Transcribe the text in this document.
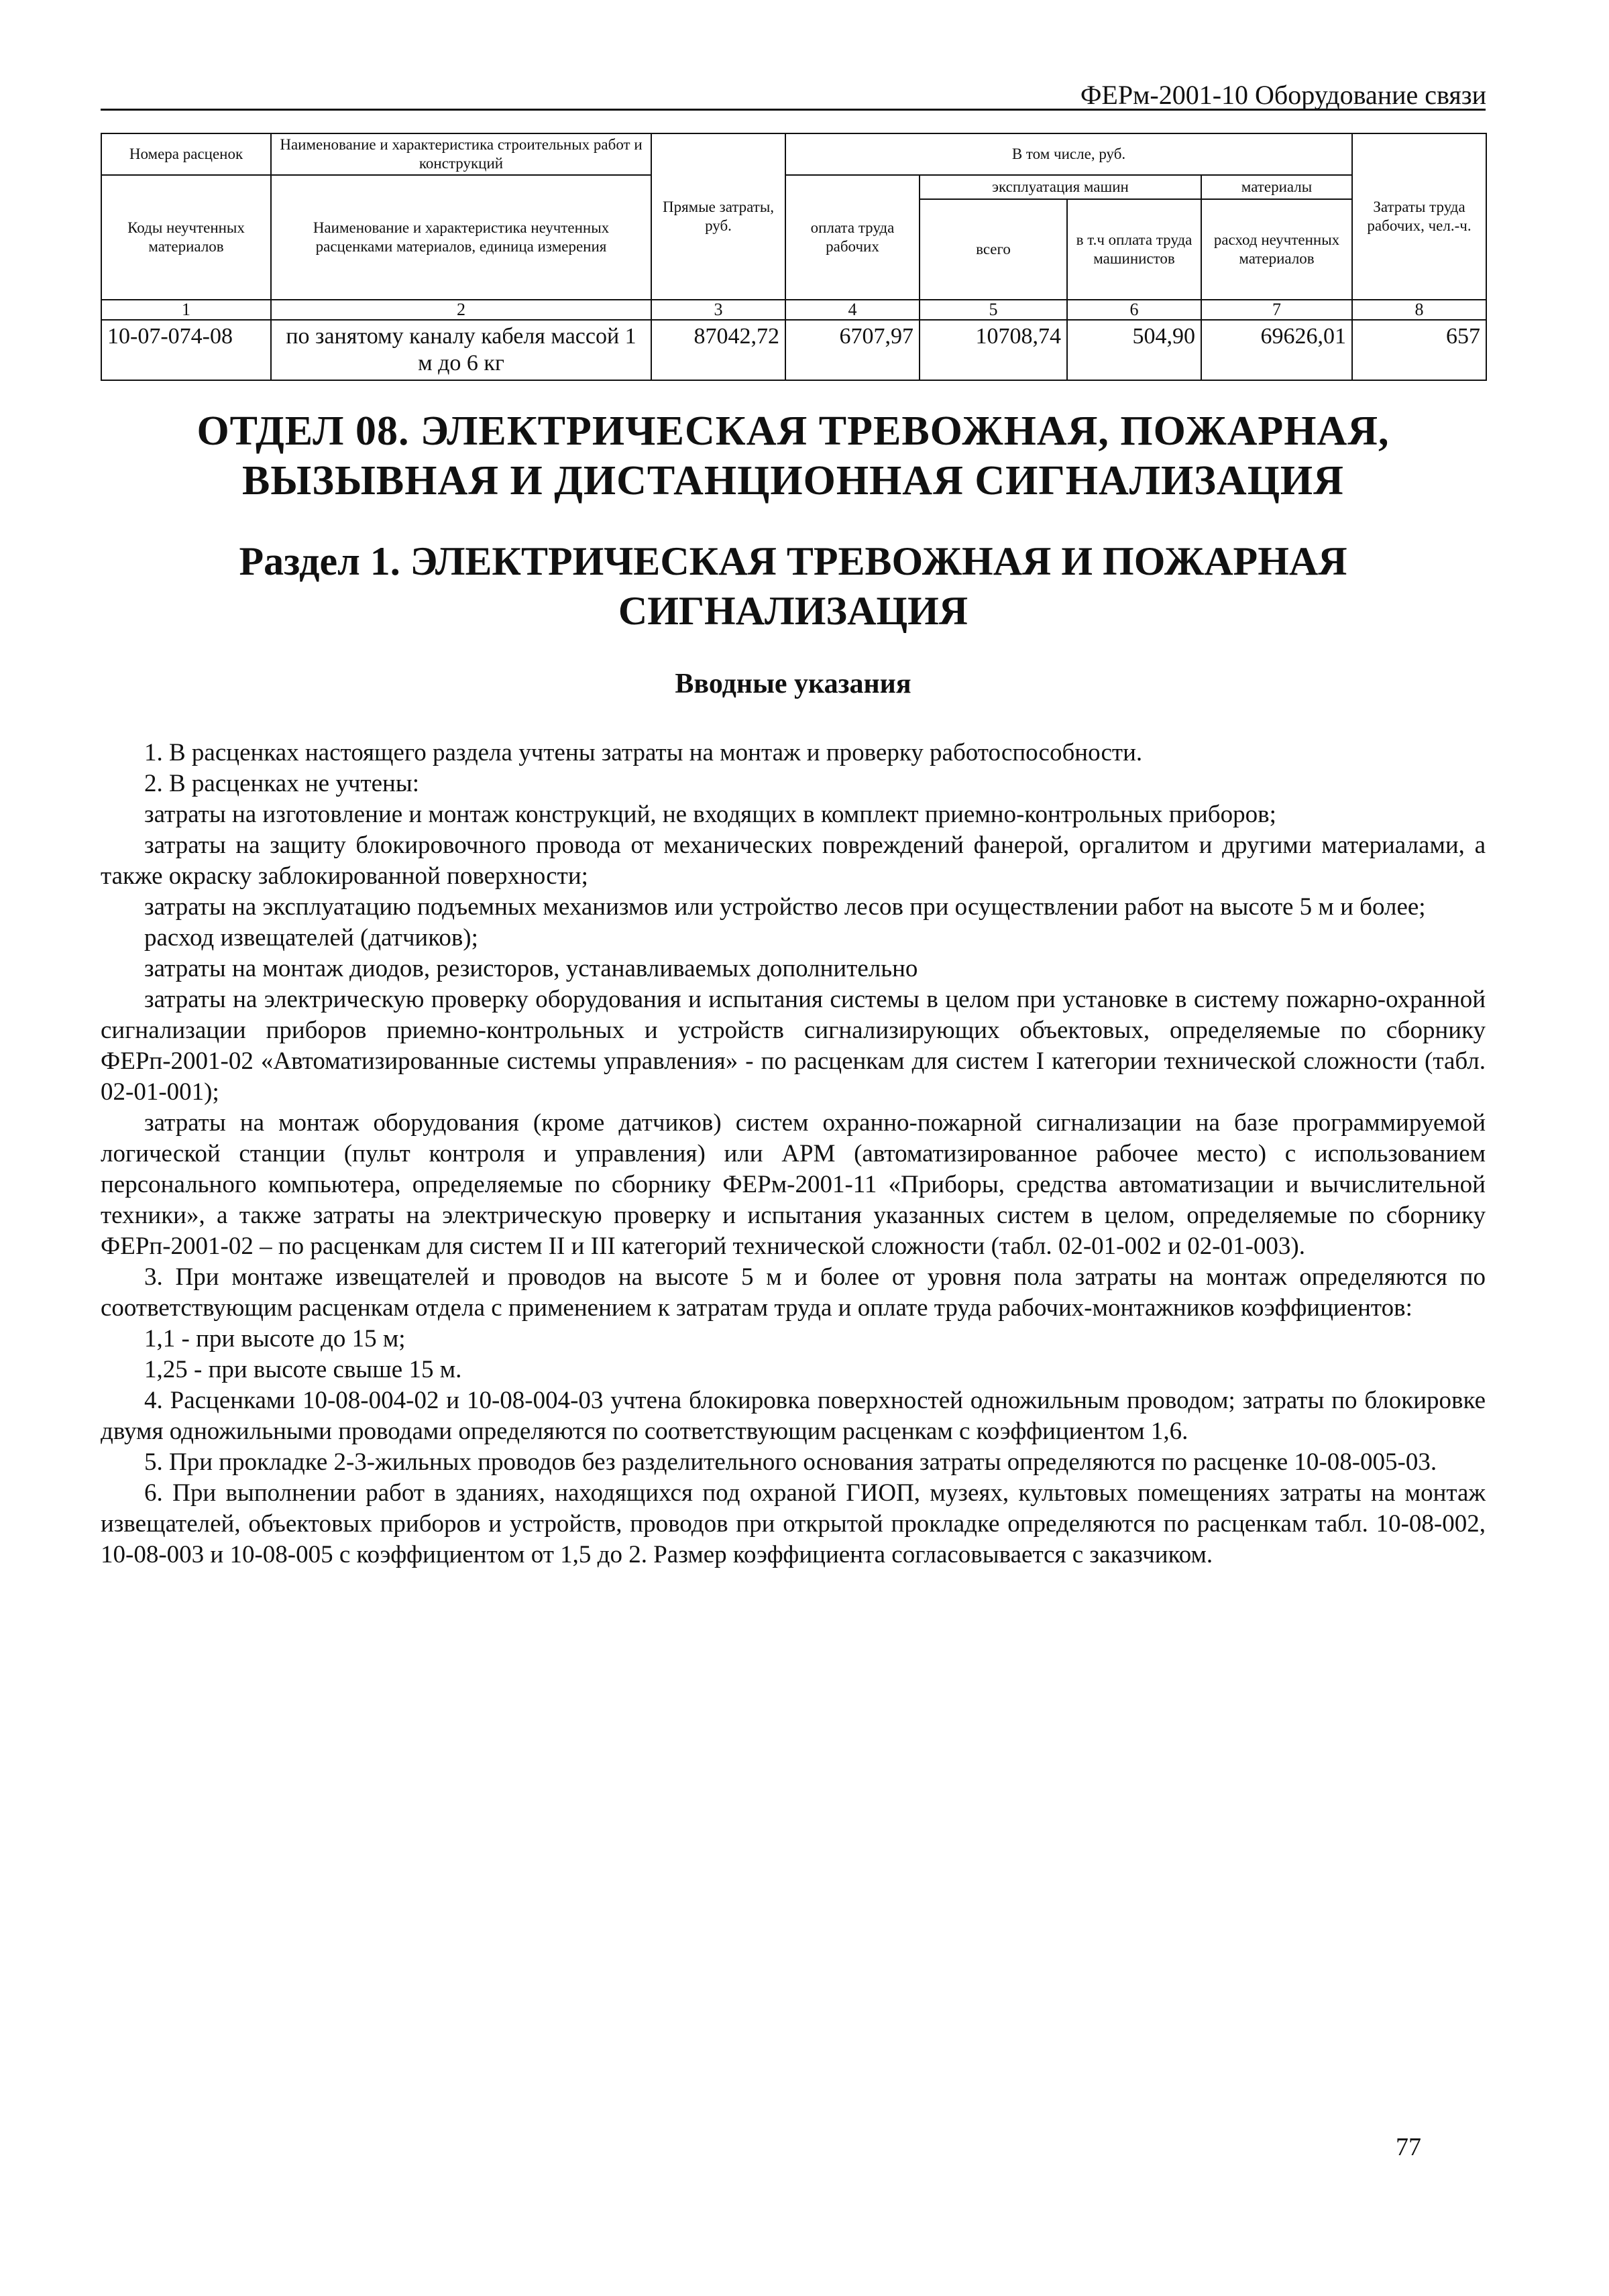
ФЕРм-2001-10 Оборудование связи
Номера расценок	Наименование и характеристика строительных работ и конструкций	Прямые затраты, руб.	В том числе, руб.				Затраты труда рабочих, чел.-ч.
Коды неучтенных материалов	Наименование и характеристика неучтенных расценками материалов, единица измерения		оплата труда рабочих	эксплуатация машин		материалы	
				всего	в т.ч оплата труда машинистов	расход неучтенных материалов	
1	2	3	4	5	6	7	8
10-07-074-08	по занятому каналу кабеля массой 1 м до 6 кг	87042,72	6707,97	10708,74	504,90	69626,01	657
ОТДЕЛ 08. ЭЛЕКТРИЧЕСКАЯ ТРЕВОЖНАЯ, ПОЖАРНАЯ, ВЫЗЫВНАЯ И ДИСТАНЦИОННАЯ СИГНАЛИЗАЦИЯ
Раздел 1. ЭЛЕКТРИЧЕСКАЯ ТРЕВОЖНАЯ И ПОЖАРНАЯ СИГНАЛИЗАЦИЯ
Вводные указания

1. В расценках настоящего раздела учтены затраты на монтаж и проверку работоспособности.

2. В расценках не учтены:

затраты на изготовление и монтаж конструкций, не входящих в комплект приемно-контрольных приборов;

затраты на защиту блокировочного провода от механических повреждений фанерой, оргалитом и другими материалами, а также окраску заблокированной поверхности;

затраты на эксплуатацию подъемных механизмов или устройство лесов при осуществлении работ на высоте 5 м и более;

расход извещателей (датчиков);

затраты на монтаж диодов, резисторов, устанавливаемых дополнительно

затраты на электрическую проверку оборудования и испытания системы в целом при установке в систему пожарно-охранной сигнализации приборов приемно-контрольных и устройств сигнализирующих объектовых, определяемые по сборнику ФЕРп-2001-02 «Автоматизированные системы управления» - по расценкам для систем I категории технической сложности (табл. 02-01-001);

затраты на монтаж оборудования (кроме датчиков) систем охранно-пожарной сигнализации на базе программируемой логической станции (пульт контроля и управления) или АРМ (автоматизированное рабочее место) с использованием персонального компьютера, определяемые по сборнику ФЕРм-2001-11 «Приборы, средства автоматизации и вычислительной техники», а также затраты на электрическую проверку и испытания указанных систем в целом, определяемые по сборнику ФЕРп-2001-02 – по расценкам для систем II и III категорий технической сложности (табл. 02-01-002 и 02-01-003).

3. При монтаже извещателей и проводов на высоте 5 м и более от уровня пола затраты на монтаж определяются по соответствующим расценкам отдела с применением к затратам труда и оплате труда рабочих-монтажников коэффициентов:

1,1 - при высоте до 15 м;

1,25 - при высоте свыше 15 м.

4. Расценками 10-08-004-02 и 10-08-004-03 учтена блокировка поверхностей одножильным проводом; затраты по блокировке двумя одножильными проводами определяются по соответствующим расценкам с коэффициентом 1,6.

5. При прокладке 2-3-жильных проводов без разделительного основания затраты определяются по расценке 10-08-005-03.

6. При выполнении работ в зданиях, находящихся под охраной ГИОП, музеях, культовых помещениях затраты на монтаж извещателей, объектовых приборов и устройств, проводов при открытой прокладке определяются по расценкам табл. 10-08-002, 10-08-003 и 10-08-005 с коэффициентом от 1,5 до 2. Размер коэффициента согласовывается с заказчиком.

77
